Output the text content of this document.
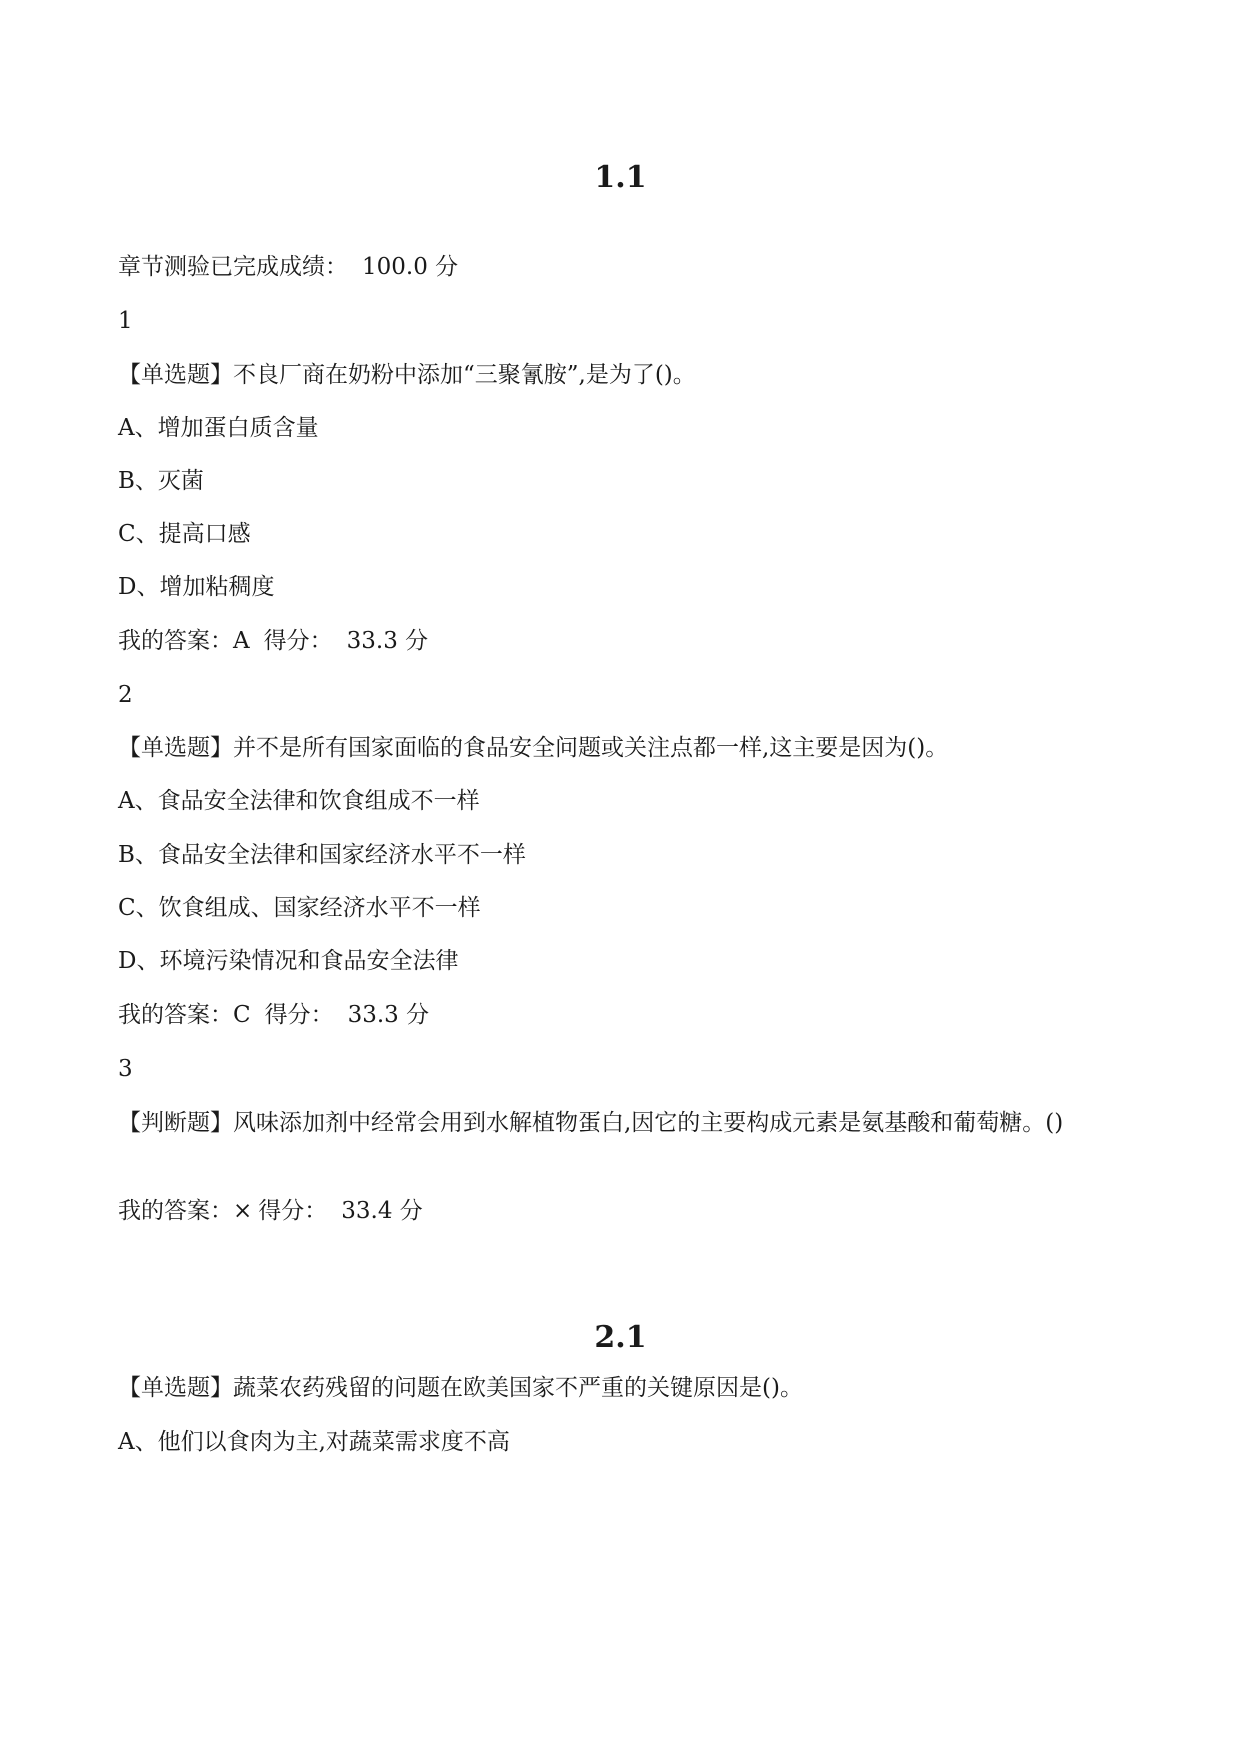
1.1

章节测验已完成成绩： 100.0 分

1

【单选题】不良厂商在奶粉中添加“三聚氰胺”,是为了()。

A、增加蛋白质含量

B、灭菌

C、提高口感

D、增加粘稠度

我的答案：A 得分： 33.3 分

2

【单选题】并不是所有国家面临的食品安全问题或关注点都一样,这主要是因为()。

A、食品安全法律和饮食组成不一样

B、食品安全法律和国家经济水平不一样

C、饮食组成、国家经济水平不一样

D、环境污染情况和食品安全法律

我的答案：C 得分： 33.3 分

3

【判断题】风味添加剂中经常会用到水解植物蛋白,因它的主要构成元素是氨基酸和葡萄糖。()

我的答案：× 得分： 33.4 分

2.1

【单选题】蔬菜农药残留的问题在欧美国家不严重的关键原因是()。

A、他们以食肉为主,对蔬菜需求度不高
